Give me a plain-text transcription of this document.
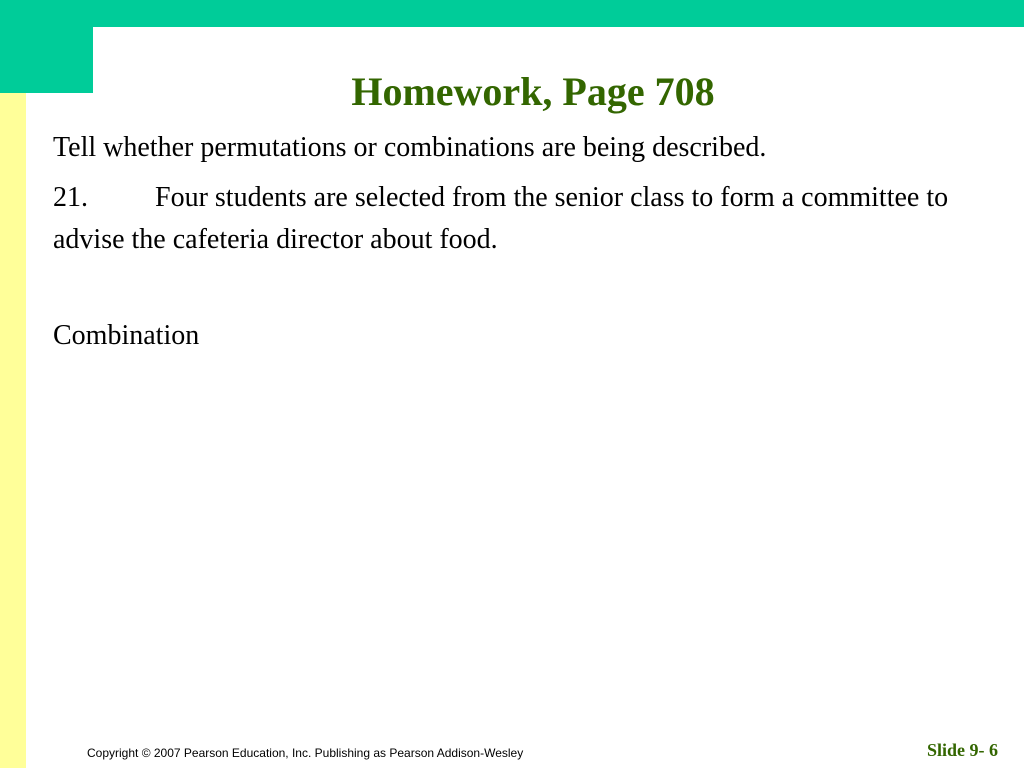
Homework, Page 708

Tell whether permutations or combinations are being described.

21. Four students are selected from the senior class to form a committee to advise the cafeteria director about food.

Combination

Copyright © 2007 Pearson Education, Inc. Publishing as Pearson Addison-Wesley	Slide 9- 6
